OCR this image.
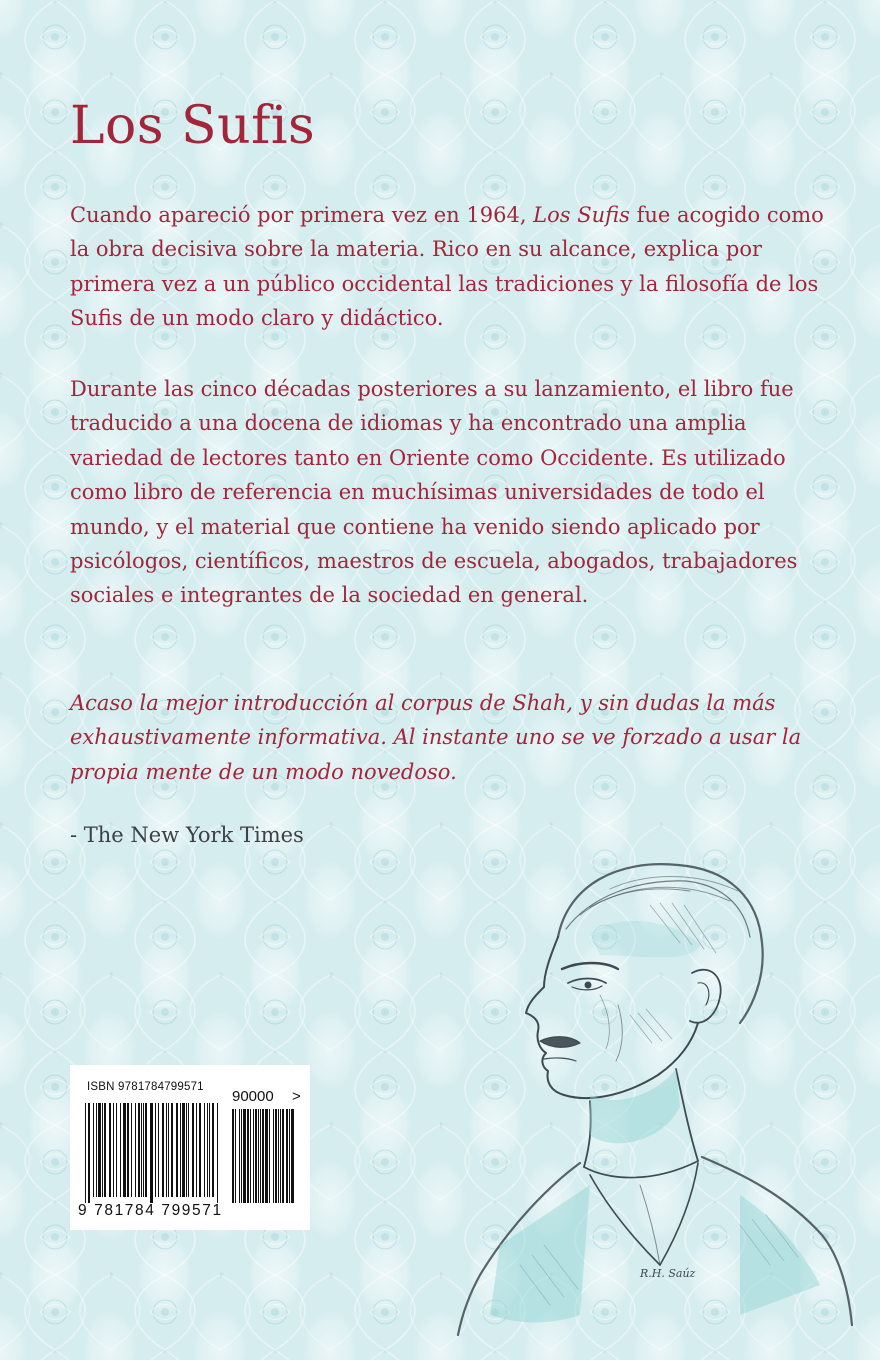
Los Sufis

Cuando apareció por primera vez en 1964, Los Sufis fue acogido como la obra decisiva sobre la materia. Rico en su alcance, explica por primera vez a un público occidental las tradiciones y la filosofía de los Sufis de un modo claro y didáctico.

Durante las cinco décadas posteriores a su lanzamiento, el libro fue traducido a una docena de idiomas y ha encontrado una amplia variedad de lectores tanto en Oriente como Occidente. Es utilizado como libro de referencia en muchísimas universidades de todo el mundo, y el material que contiene ha venido siendo aplicado por psicólogos, científicos, maestros de escuela, abogados, trabajadores sociales e integrantes de la sociedad en general.

Acaso la mejor introducción al corpus de Shah, y sin dudas la más exhaustivamente informativa. Al instante uno se ve forzado a usar la propia mente de un modo novedoso.

- The New York Times

R.H. Saúz
ISBN 9781784799571
90000 >
9 781784 799571
